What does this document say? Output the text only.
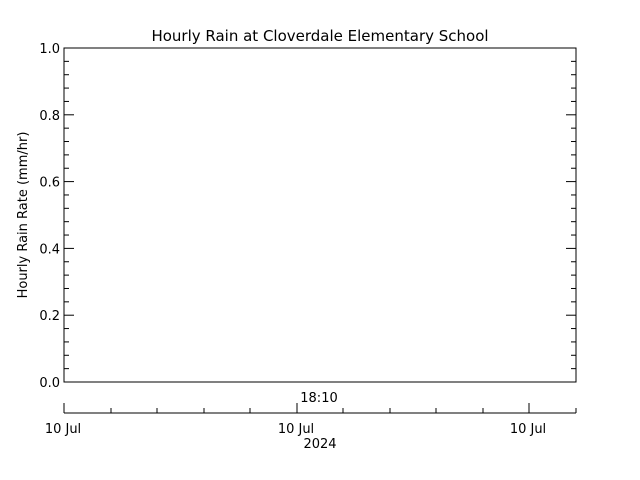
Hourly Rain at Cloverdale Elementary School
0.0
0.2
0.4
0.6
0.8
1.0
Hourly Rain Rate (mm/hr)
18:10
2024
10 Jul	10 Jul	10 Jul
